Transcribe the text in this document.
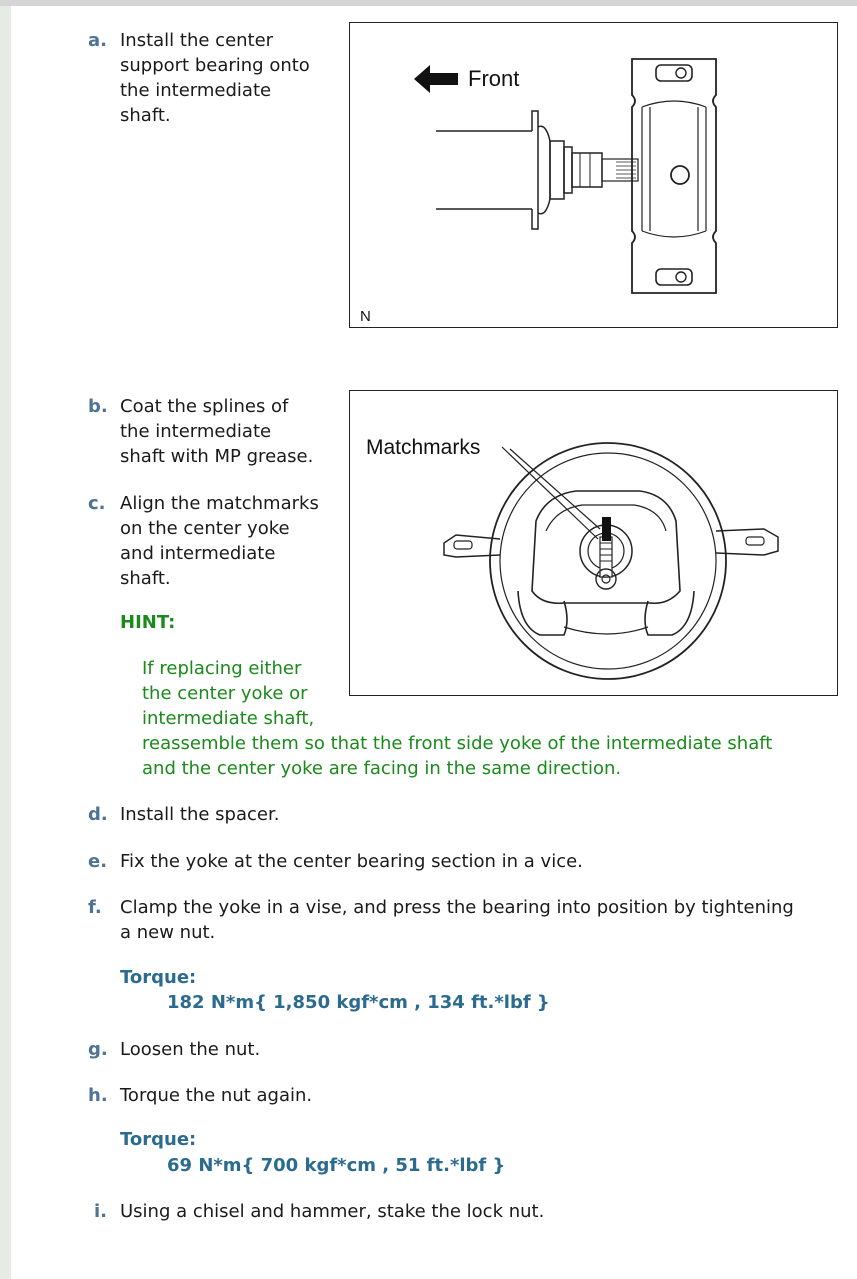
a. Install the center
support bearing onto
the intermediate
shaft.
Front
N
b. Coat the splines of
the intermediate
shaft with MP grease.	Matchmarks
c. Align the matchmarks
on the center yoke
and intermediate
shaft.
HINT:
If replacing either
the center yoke or
intermediate shaft,
reassemble them so that the front side yoke of the intermediate shaft
and the center yoke are facing in the same direction.
d. Install the spacer.
e. Fix the yoke at the center bearing section in a vice.
f. Clamp the yoke in a vise, and press the bearing into position by tightening
a new nut.
Torque:
182 N*m{ 1,850 kgf*cm , 134 ft.*lbf }
g. Loosen the nut.
h. Torque the nut again.
Torque:
69 N*m{ 700 kgf*cm , 51 ft.*lbf }
i. Using a chisel and hammer, stake the lock nut.
